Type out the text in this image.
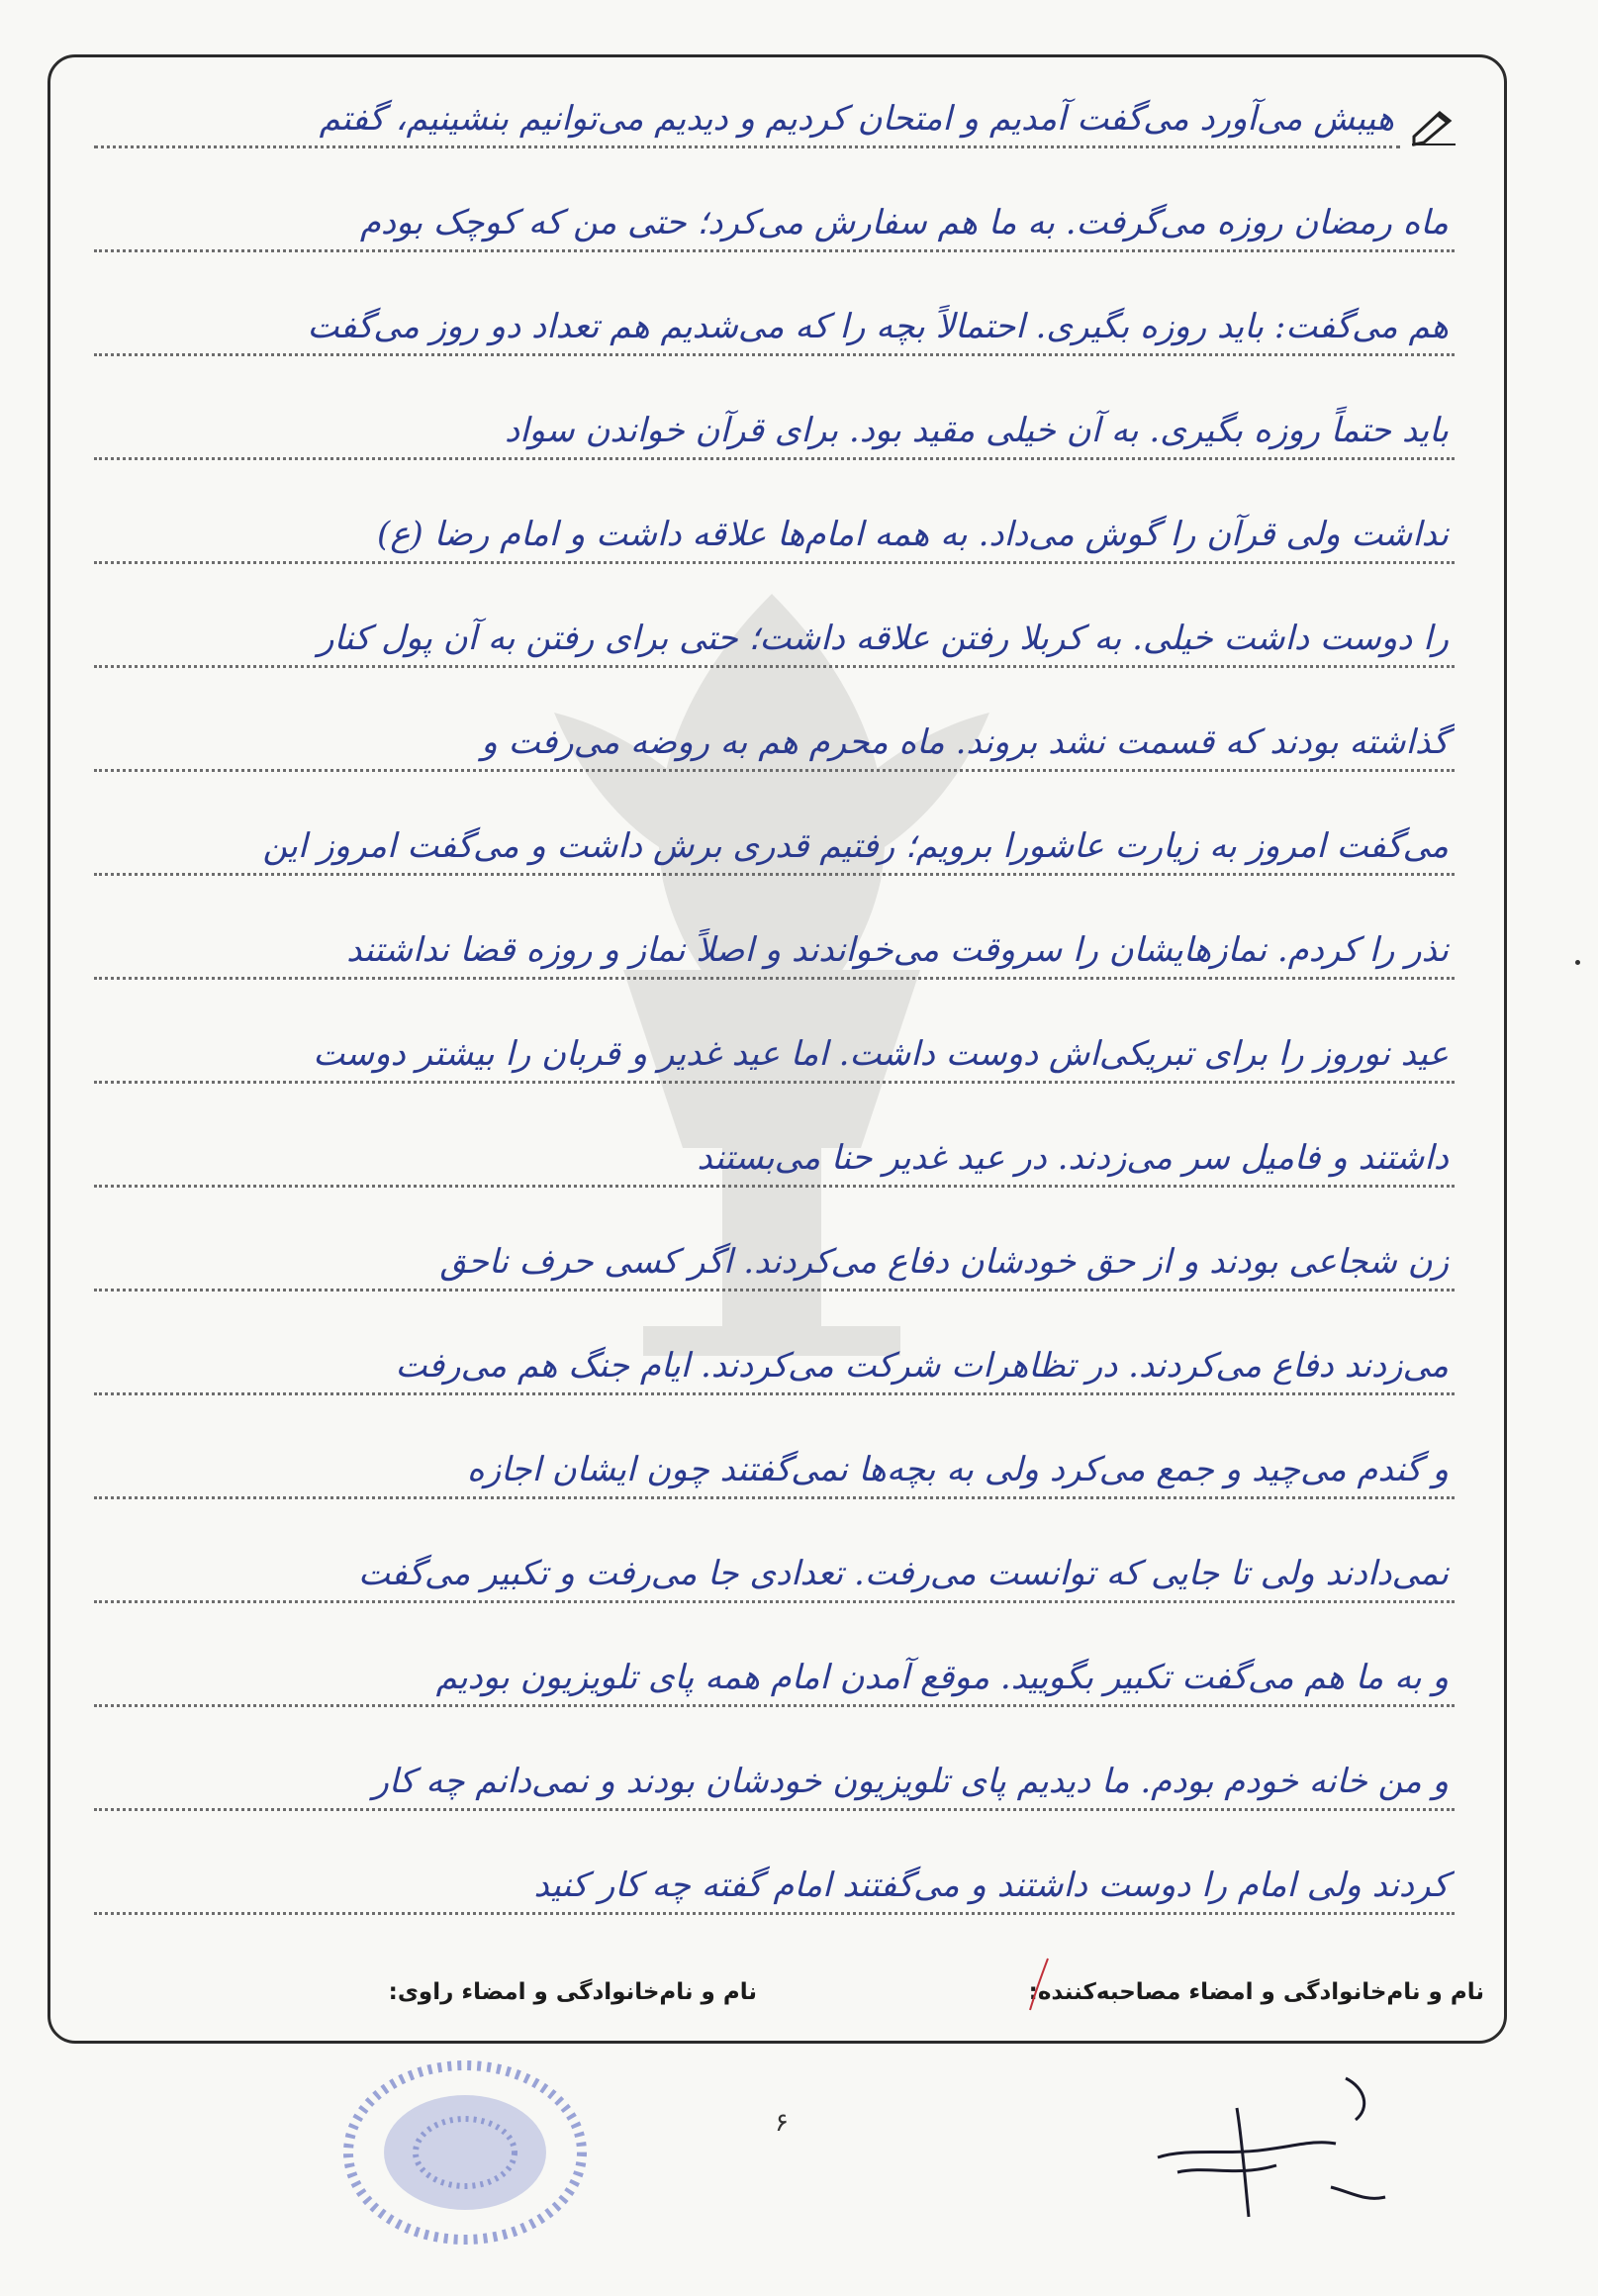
هیبش می‌آورد می‌گفت آمدیم و امتحان کردیم و دیدیم می‌توانیم بنشینیم، گفتم
ماه رمضان روزه می‌گرفت. به ما هم سفارش می‌کرد؛ حتی من که کوچک بودم
هم می‌گفت: باید روزه بگیری. احتمالاً بچه را که می‌شدیم هم تعداد دو روز می‌گفت
باید حتماً روزه بگیری. به آن خیلی مقید بود. برای قرآن خواندن سواد
نداشت ولی قرآن را گوش می‌داد. به همه امام‌ها علاقه داشت و امام رضا (ع)
را دوست داشت خیلی. به کربلا رفتن علاقه داشت؛ حتی برای رفتن به آن پول کنار
گذاشته بودند که قسمت نشد بروند. ماه محرم هم به روضه می‌رفت و
می‌گفت امروز به زیارت عاشورا برویم؛ رفتیم قدری برش داشت و می‌گفت امروز این
نذر را کردم. نمازهایشان را سروقت می‌خواندند و اصلاً نماز و روزه قضا نداشتند
عید نوروز را برای تبریکی‌اش دوست داشت. اما عید غدیر و قربان را بیشتر دوست
داشتند و فامیل سر می‌زدند. در عید غدیر حنا می‌بستند
زن شجاعی بودند و از حق خودشان دفاع می‌کردند. اگر کسی حرف ناحق
می‌زدند دفاع می‌کردند. در تظاهرات شرکت می‌کردند. ایام جنگ هم می‌رفت
و گندم می‌چید و جمع می‌کرد ولی به بچه‌ها نمی‌گفتند چون ایشان اجازه
نمی‌دادند ولی تا جایی که توانست می‌رفت. تعدادی جا می‌رفت و تکبیر می‌گفت
و به ما هم می‌گفت تکبیر بگویید. موقع آمدن امام همه پای تلویزیون بودیم
و من خانه خودم بودم. ما دیدیم پای تلویزیون خودشان بودند و نمی‌دانم چه کار
کردند ولی امام را دوست داشتند و می‌گفتند امام گفته چه کار کنید
نام و نام‌خانوادگی و امضاء مصاحبه‌کننده:
نام و نام‌خانوادگی و امضاء راوی:
۶
